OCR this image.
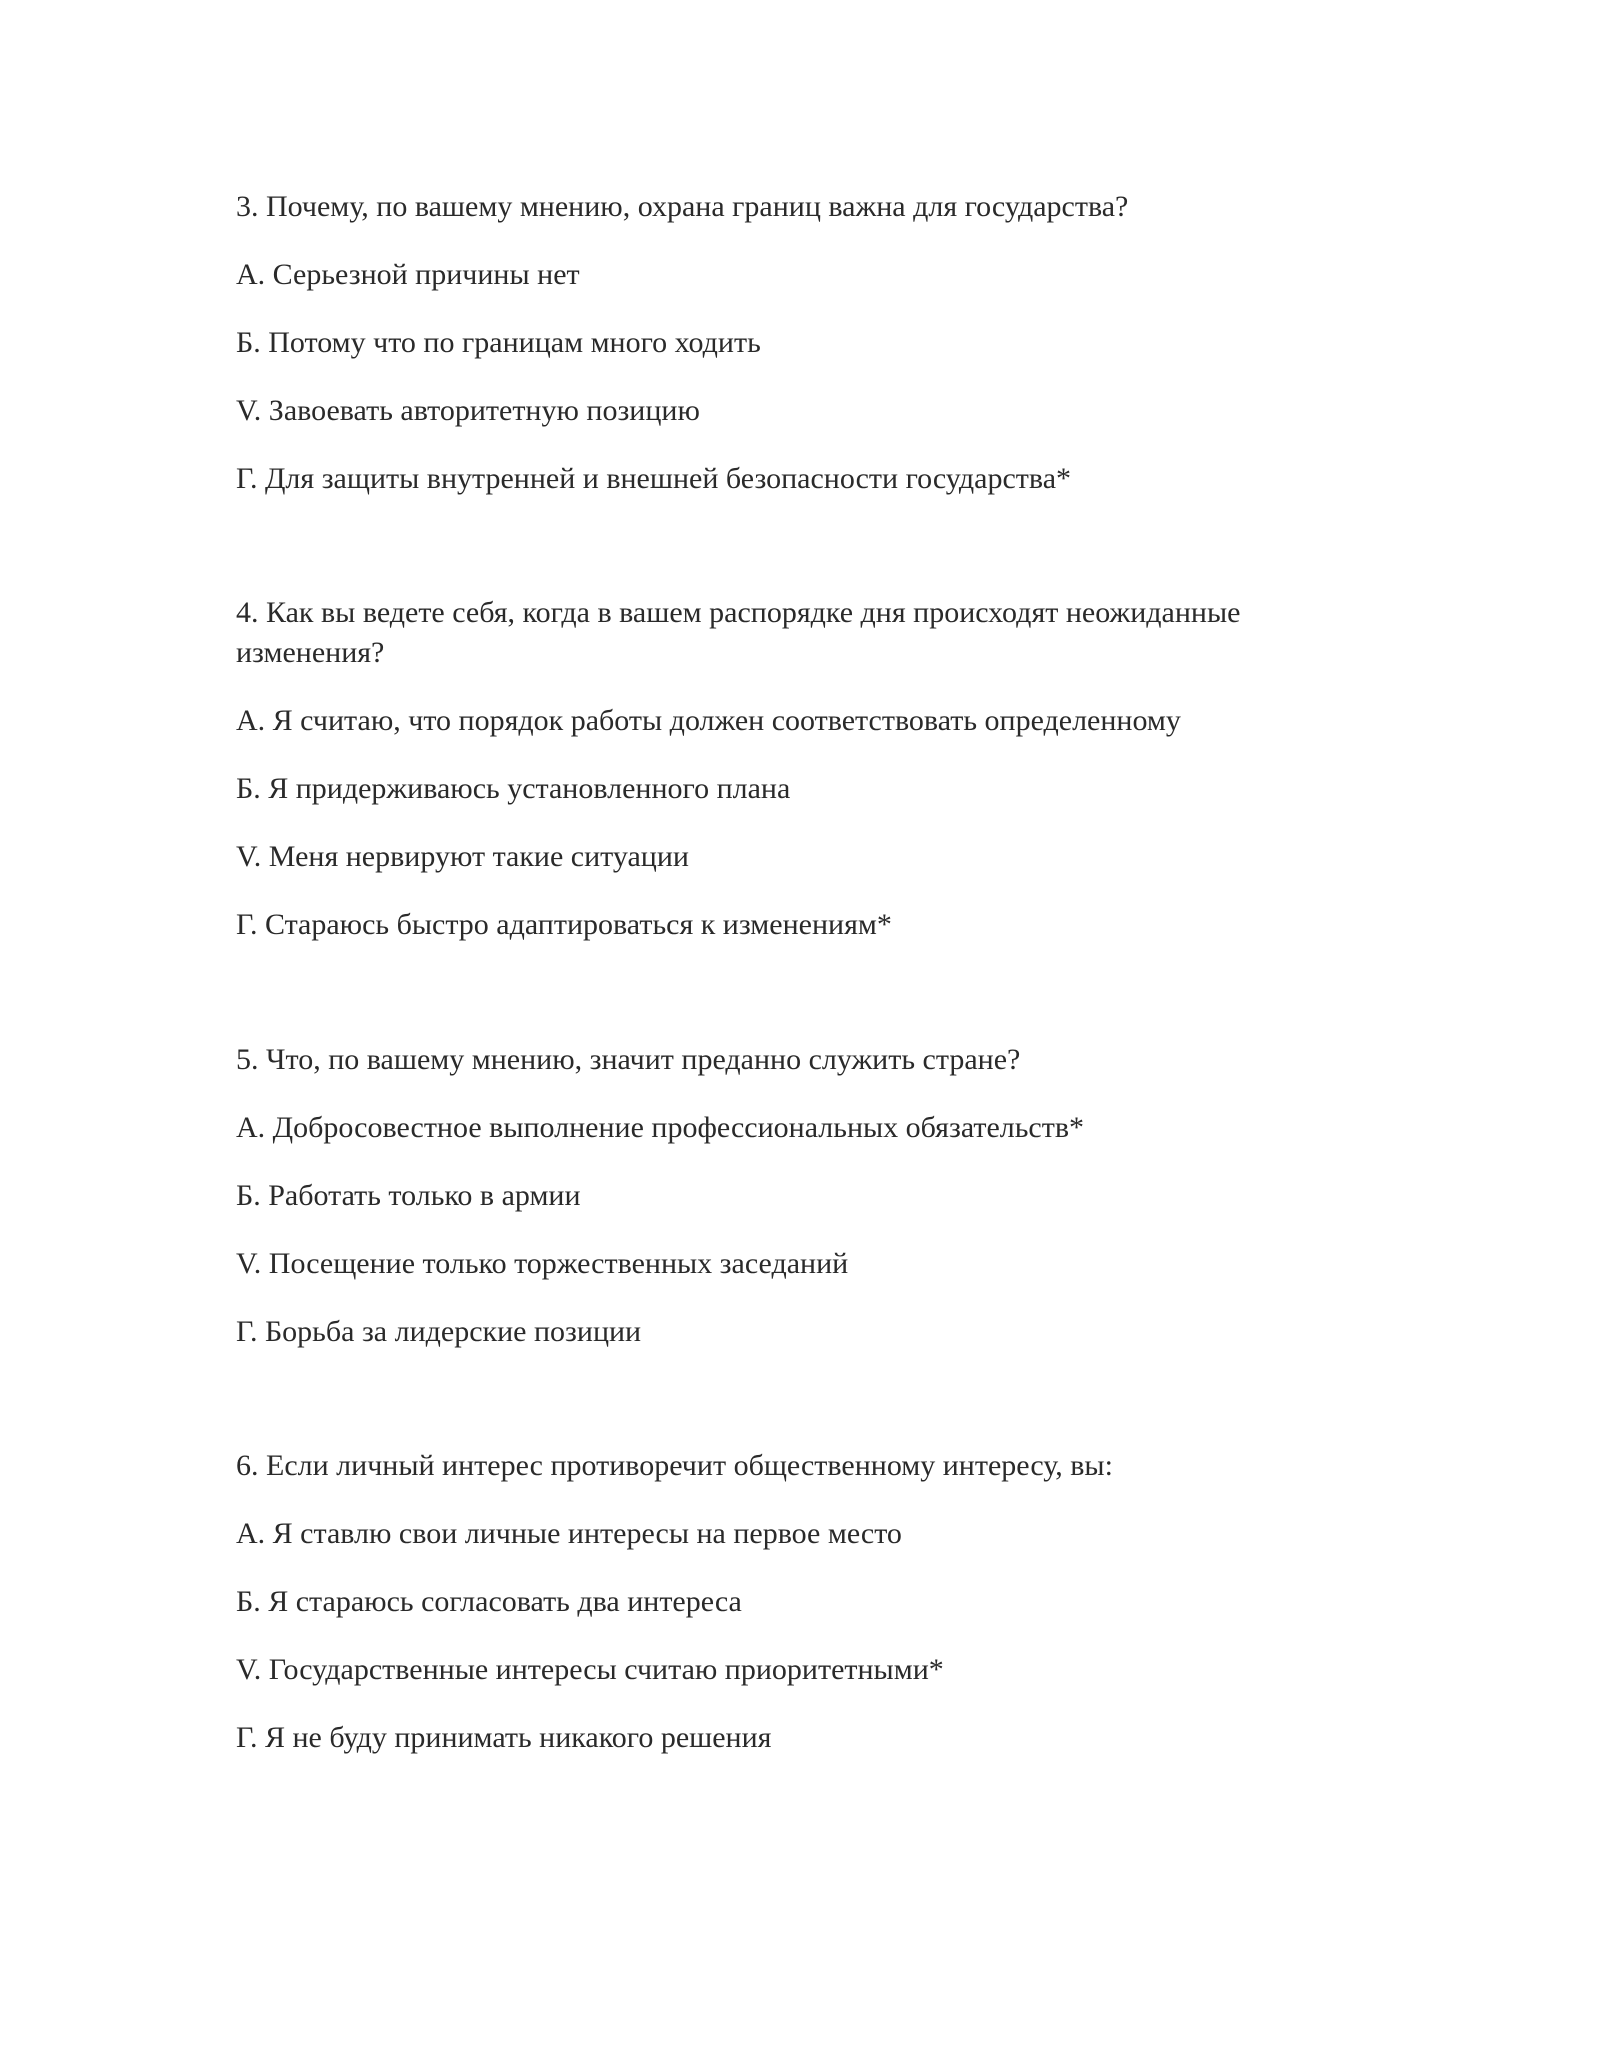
3. Почему, по вашему мнению, охрана границ важна для государства?

А. Серьезной причины нет

Б. Потому что по границам много ходить

V. Завоевать авторитетную позицию

Г. Для защиты внутренней и внешней безопасности государства*

4. Как вы ведете себя, когда в вашем распорядке дня происходят неожиданные изменения?

А. Я считаю, что порядок работы должен соответствовать определенному

Б. Я придерживаюсь установленного плана

V. Меня нервируют такие ситуации

Г. Стараюсь быстро адаптироваться к изменениям*

5. Что, по вашему мнению, значит преданно служить стране?

А. Добросовестное выполнение профессиональных обязательств*

Б. Работать только в армии

V. Посещение только торжественных заседаний

Г. Борьба за лидерские позиции

6. Если личный интерес противоречит общественному интересу, вы:

А. Я ставлю свои личные интересы на первое место

Б. Я стараюсь согласовать два интереса

V. Государственные интересы считаю приоритетными*

Г. Я не буду принимать никакого решения
